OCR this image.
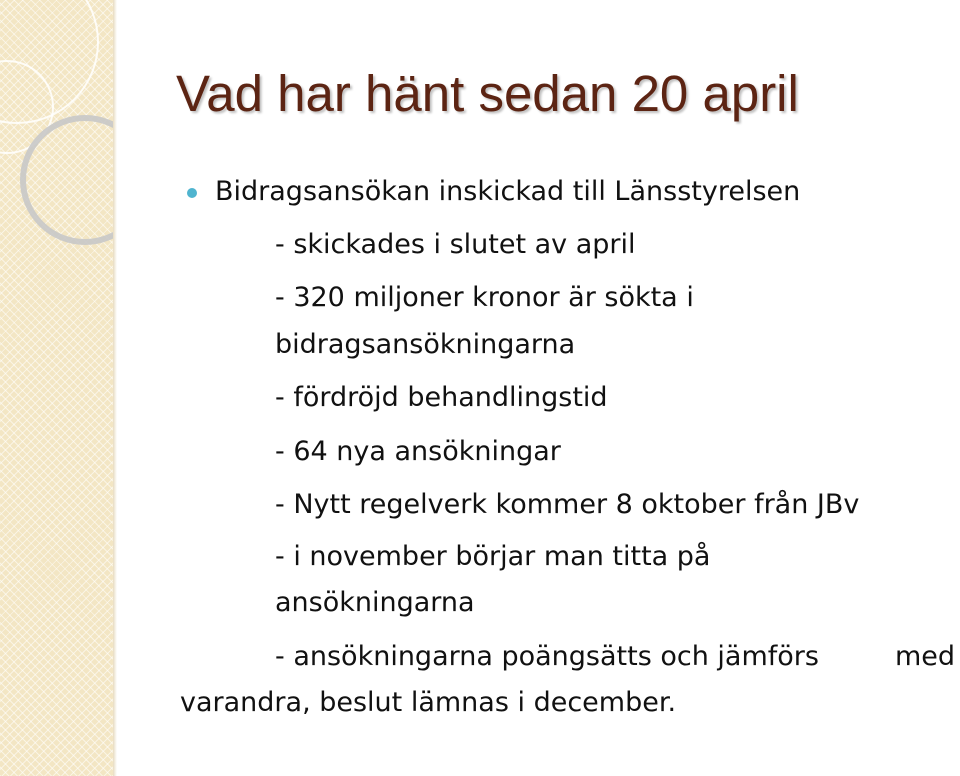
Vad har hänt sedan 20 april
Bidragsansökan inskickad till Länsstyrelsen
- skickades i slutet av april
- 320 miljoner kronor är sökta i
bidragsansökningarna
- fördröjd behandlingstid
- 64 nya ansökningar
- Nytt regelverk kommer 8 oktober från JBv
- i november börjar man titta på
ansökningarna
- ansökningarna poängsätts och jämförs	med
varandra, beslut lämnas i december.
